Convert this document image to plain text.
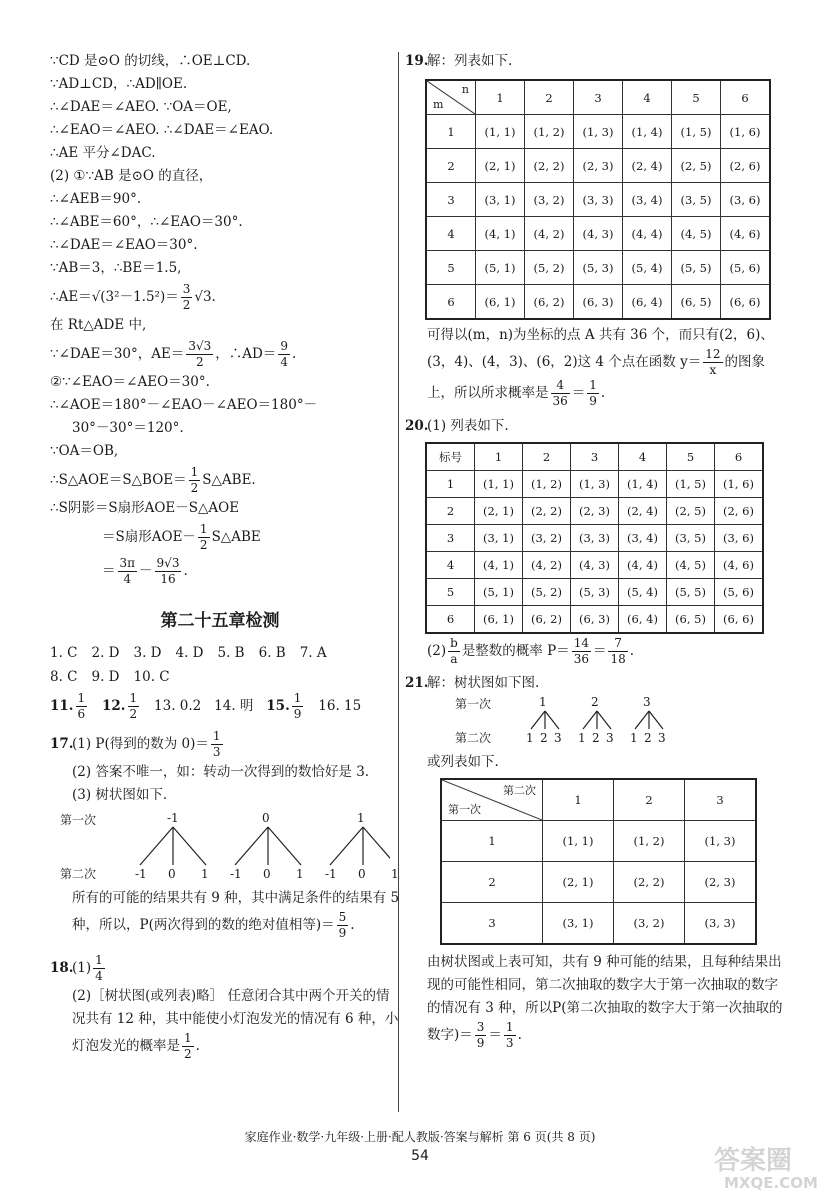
∵CD 是⊙O 的切线，∴OE⊥CD.
∵AD⊥CD，∴AD∥OE.
∴∠DAE＝∠AEO. ∵OA＝OE,
∴∠EAO＝∠AEO. ∴∠DAE＝∠EAO.
∴AE 平分∠DAC.
(2) ①∵AB 是⊙O 的直径，
∴∠AEB＝90°.
∴∠ABE＝60°，∴∠EAO＝30°.
∴∠DAE＝∠EAO＝30°.
∵AB＝3，∴BE＝1.5,
∴AE＝√(3²－1.5²)＝ $\frac{3}{2} √3$.
在 Rt△ADE 中,
∵∠DAE＝30°，$AE= \frac{3√3}{2}$ ，∴AD＝ $\frac{9}{4}$ .
②∵∠EAO＝∠AEO＝30°.
∴∠AOE＝180°－∠EAO－∠AEO＝180°－
30°－30°＝120°.
∵OA＝OB,
∴S△AOE＝S△BOE＝ $\frac{1}{2}$ S△ABE.
∴S阴影＝S扇形AOE－S△AOE
＝S扇形$AOE- \frac{1}{2}$ S△ABE
＝ $\frac{3\pi}{4} - \frac{9√3}{16}$ .
第二十五章检测
1. C 2. D 3. D 4. D 5. B 6. B 7. A
8. C 9. D 10. C
11. $\frac{1}{6} 12$. $\frac{1}{2} 13$. 0.2 14. 明 15. $\frac{1}{9} 16$. 15
17.(1) P(得到的数为 $0)= \frac{1}{3}$
(2) 答案不唯一，如：转动一次得到的数恰好是 3.
(3) 树状图如下.
第一次
第二次
-1
-1 0 1
0
-1 0 1
1
-1 0 1
所有的可能的结果共有 9 种，其中满足条件的结果有 5 种，所以，P(两次得到的数的绝对值相等)＝ $\frac{5}{9}$ .
$18.(1) \frac{1}{4}$
(2)［树状图(或列表)略］ 任意闭合其中两个开关的情况共有 12 种，其中能使小灯泡发光的情况有 6 种，小灯泡发光的概率是 $\frac{1}{2}$ .
19.解：列表如下.
n
m	1	2	3	4	5	6
1	(1, 1)	(1, 2)	(1, 3)	(1, 4)	(1, 5)	(1, 6)
2	(2, 1)	(2, 2)	(2, 3)	(2, 4)	(2, 5)	(2, 6)
3	(3, 1)	(3, 2)	(3, 3)	(3, 4)	(3, 5)	(3, 6)
4	(4, 1)	(4, 2)	(4, 3)	(4, 4)	(4, 5)	(4, 6)
5	(5, 1)	(5, 2)	(5, 3)	(5, 4)	(5, 5)	(5, 6)
6	(6, 1)	(6, 2)	(6, 3)	(6, 4)	(6, 5)	(6, 6)
可得以(m，n)为坐标的点 A 共有 36 个，而只有(2，6)、(3，4)、(4，3)、(6，2)这 4 个点在函数 $y= \frac{12}{x}$ 的图象上，所以所求概率是 $\frac{4}{36} = \frac{1}{9}$ .
20.(1) 列表如下.
标号	1	2	3	4	5	6
1	(1, 1)	(1, 2)	(1, 3)	(1, 4)	(1, 5)	(1, 6)
2	(2, 1)	(2, 2)	(2, 3)	(2, 4)	(2, 5)	(2, 6)
3	(3, 1)	(3, 2)	(3, 3)	(3, 4)	(3, 5)	(3, 6)
4	(4, 1)	(4, 2)	(4, 3)	(4, 4)	(4, 5)	(4, 6)
5	(5, 1)	(5, 2)	(5, 3)	(5, 4)	(5, 5)	(5, 6)
6	(6, 1)	(6, 2)	(6, 3)	(6, 4)	(6, 5)	(6, 6)
$(2) \frac{b}{a}$ 是整数的概率 $P= \frac{14}{36} = \frac{7}{18}$ .
21.解：树状图如下图.
第一次
第二次
1
1 2 3
2
1 2 3
3
1 2 3
或列表如下.
第二次
第一次	1	2	3
1	(1, 1)	(1, 2)	(1, 3)
2	(2, 1)	(2, 2)	(2, 3)
3	(3, 1)	(3, 2)	(3, 3)
由树状图或上表可知，共有 9 种可能的结果，且每种结果出现的可能性相同，第二次抽取的数字大于第一次抽取的数字的情况有 3 种，所以P(第二次抽取的数字大于第一次抽取的数字)＝ $\frac{3}{9} = \frac{1}{3}$ .
家庭作业·数学·九年级·上册·配人教版·答案与解析 第 6 页(共 8 页)
54	答案圈
MXQE.COM
